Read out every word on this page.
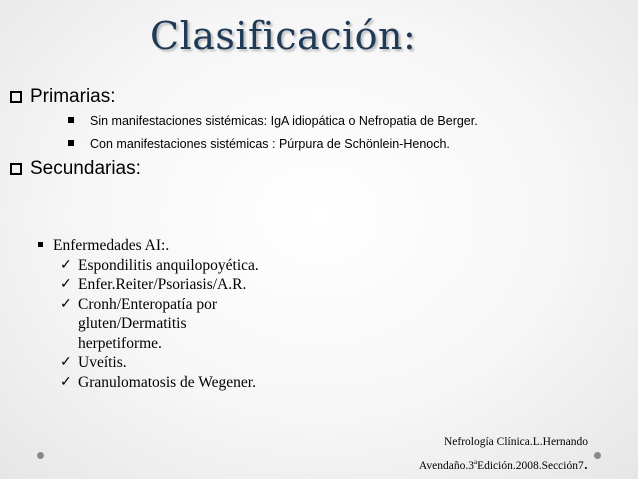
Clasificación:
Primarias:
Sin manifestaciones sistémicas: IgA idiopática o Nefropatia de Berger.
Con manifestaciones sistémicas : Púrpura de Schönlein-Henoch.
Secundarias:
Enfermedades AI:.
✓ Espondilitis anquilopoyética.
✓ Enfer.Reiter/Psoriasis/A.R.
✓ Cronh/Enteropatía por gluten/Dermatitis herpetiforme.
✓ Uveítis.
✓ Granulomatosis de Wegener.
Nefrología Clínica.L.Hernando
Avendaño.3$^a$Edición.2008.Sección7.
